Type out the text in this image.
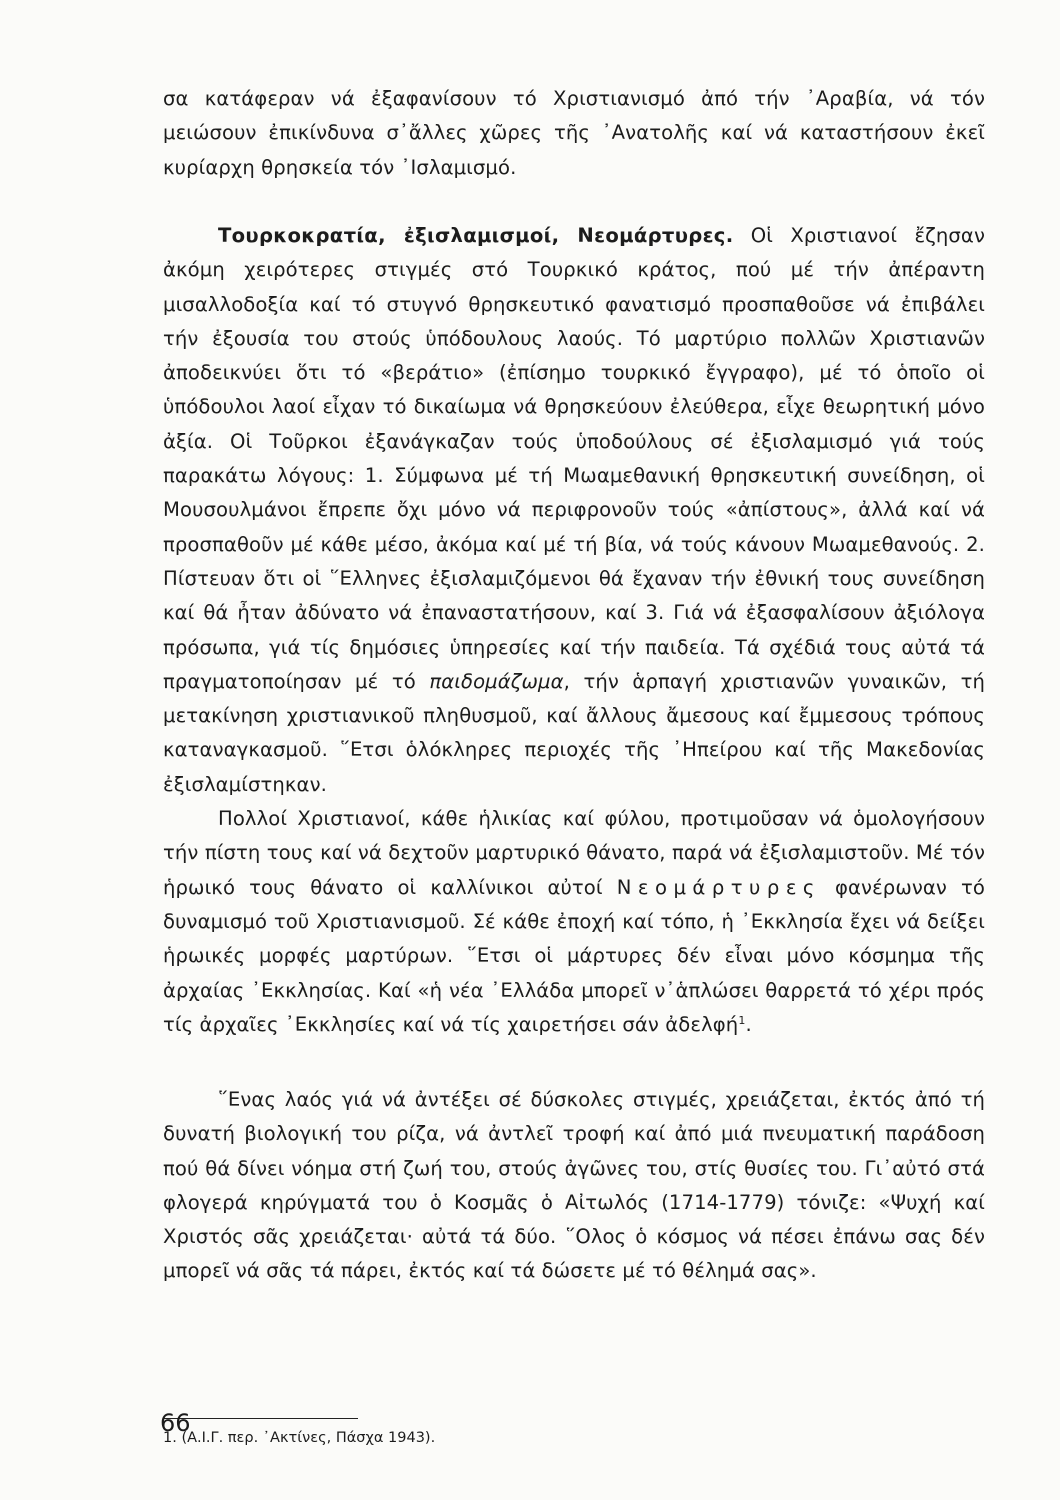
σα κατάφεραν νά ἐξαφανίσουν τό Χριστιανισμό ἀπό τήν ᾿Αραβία, νά τόν μειώσουν ἐπικίνδυνα σ᾿ἄλλες χῶρες τῆς ᾿Ανατολῆς καί νά καταστήσουν ἐκεῖ κυρίαρχη θρησκεία τόν ᾿Ισλαμισμό.

Τουρκοκρατία, ἐξισλαμισμοί, Νεομάρτυρες. Οἱ Χριστιανοί ἔζησαν ἀκόμη χειρότερες στιγμές στό Τουρκικό κράτος, πού μέ τήν ἀπέραντη μισαλλοδοξία καί τό στυγνό θρησκευτικό φανατισμό προσπαθοῦσε νά ἐπιβάλει τήν ἐξουσία του στούς ὑπόδουλους λαούς. Τό μαρτύριο πολλῶν Χριστιανῶν ἀποδεικνύει ὅτι τό «βεράτιο» (ἐπίσημο τουρκικό ἔγγραφο), μέ τό ὁποῖο οἱ ὑπόδουλοι λαοί εἶχαν τό δικαίωμα νά θρησκεύουν ἐλεύθερα, εἶχε θεωρητική μόνο ἀξία. Οἱ Τοῦρκοι ἐξανάγκαζαν τούς ὑποδούλους σέ ἐξισλαμισμό γιά τούς παρακάτω λόγους: 1. Σύμφωνα μέ τή Μωαμεθανική θρησκευτική συνείδηση, οἱ Μουσουλμάνοι ἔπρεπε ὄχι μόνο νά περιφρονοῦν τούς «ἀπίστους», ἀλλά καί νά προσπαθοῦν μέ κάθε μέσο, ἀκόμα καί μέ τή βία, νά τούς κάνουν Μωαμεθανούς. 2. Πίστευαν ὅτι οἱ ῞Ελληνες ἐξισλαμιζόμενοι θά ἔχαναν τήν ἐθνική τους συνείδηση καί θά ἦταν ἀδύνατο νά ἐπαναστατήσουν, καί 3. Γιά νά ἐξασφαλίσουν ἀξιόλογα πρόσωπα, γιά τίς δημόσιες ὑπηρεσίες καί τήν παιδεία. Τά σχέδιά τους αὐτά τά πραγματοποίησαν μέ τό παιδομάζωμα, τήν ἁρπαγή χριστιανῶν γυναικῶν, τή μετακίνηση χριστιανικοῦ πληθυσμοῦ, καί ἄλλους ἄμεσους καί ἔμμεσους τρόπους καταναγκασμοῦ. ῞Ετσι ὁλόκληρες περιοχές τῆς ᾿Ηπείρου καί τῆς Μακεδονίας ἐξισλαμίστηκαν.

Πολλοί Χριστιανοί, κάθε ἡλικίας καί φύλου, προτιμοῦσαν νά ὁμολογήσουν τήν πίστη τους καί νά δεχτοῦν μαρτυρικό θάνατο, παρά νά ἐξισλαμιστοῦν. Μέ τόν ἡρωικό τους θάνατο οἱ καλλίνικοι αὐτοί Νεομάρτυρες φανέρωναν τό δυναμισμό τοῦ Χριστιανισμοῦ. Σέ κάθε ἐποχή καί τόπο, ἡ ᾿Εκκλησία ἔχει νά δείξει ἡρωικές μορφές μαρτύρων. ῞Ετσι οἱ μάρτυρες δέν εἶναι μόνο κόσμημα τῆς ἀρχαίας ᾿Εκκλησίας. Καί «ἡ νέα ᾿Ελλάδα μπορεῖ ν᾿ἁπλώσει θαρρετά τό χέρι πρός τίς ἀρχαῖες ᾿Εκκλησίες καί νά τίς χαιρετήσει σάν ἀδελφή$^1$.

῞Ενας λαός γιά νά ἀντέξει σέ δύσκολες στιγμές, χρειάζεται, ἐκτός ἀπό τή δυνατή βιολογική του ρίζα, νά ἀντλεῖ τροφή καί ἀπό μιά πνευματική παράδοση πού θά δίνει νόημα στή ζωή του, στούς ἀγῶνες του, στίς θυσίες του. Γι᾿αὐτό στά φλογερά κηρύγματά του ὁ Κοσμᾶς ὁ Αἰτωλός (1714-1779) τόνιζε: «Ψυχή καί Χριστός σᾶς χρειάζεται· αὐτά τά δύο. ῞Ολος ὁ κόσμος νά πέσει ἐπάνω σας δέν μπορεῖ νά σᾶς τά πάρει, ἐκτός καί τά δώσετε μέ τό θέλημά σας».

1. (Α.Ι.Γ. περ. ᾿Ακτίνες, Πάσχα 1943).
66
